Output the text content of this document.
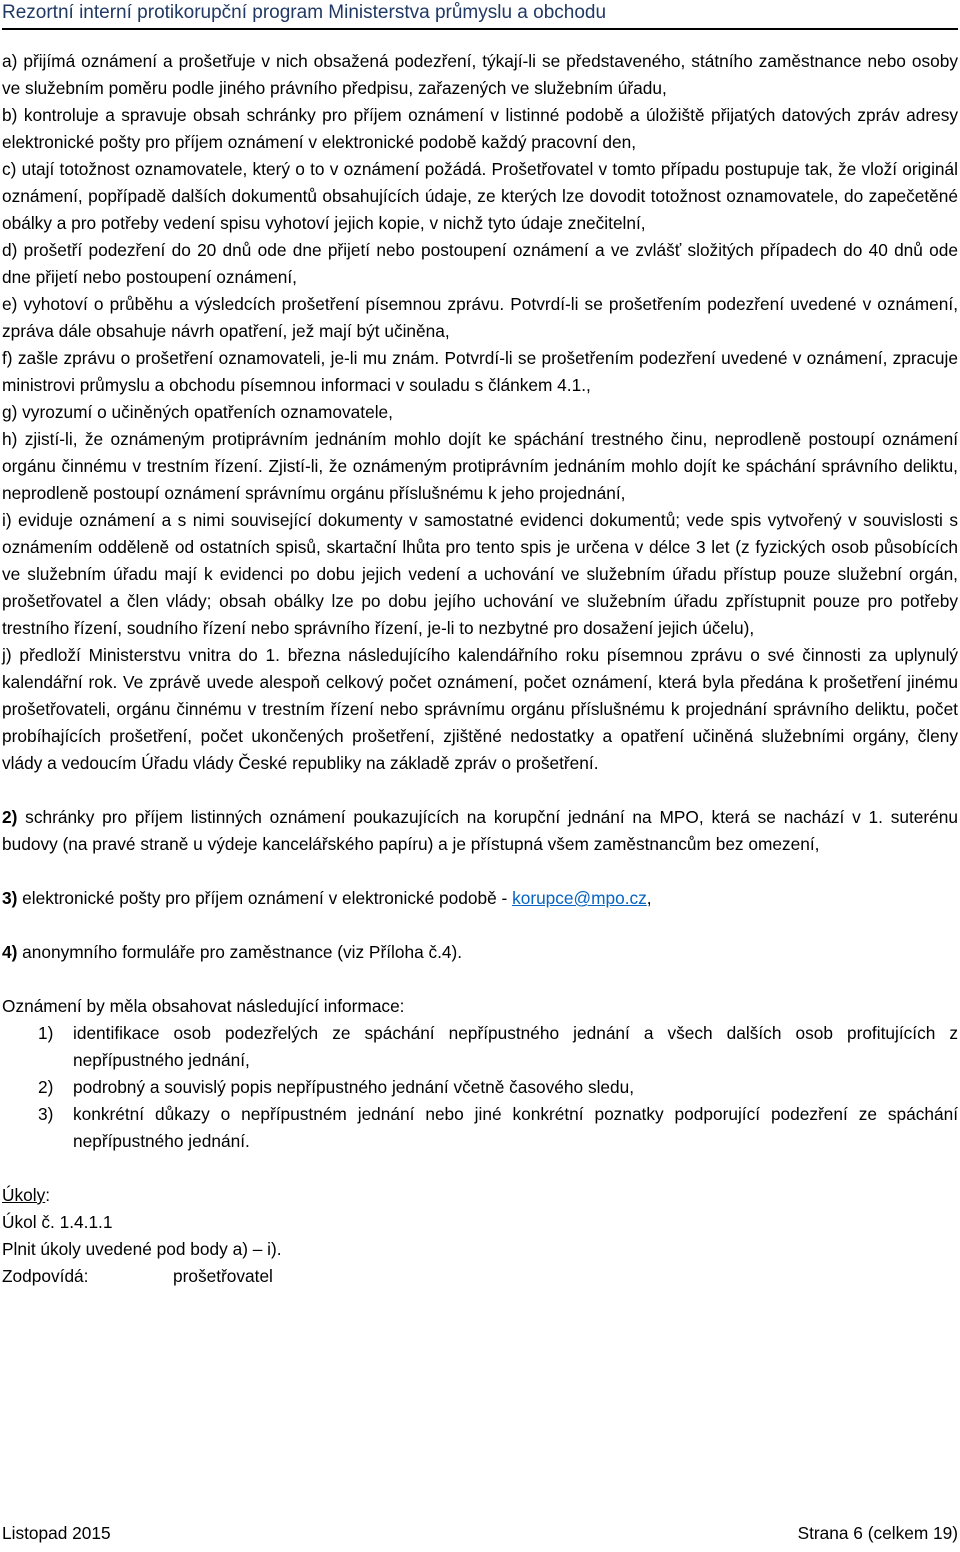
Rezortní interní protikorupční program Ministerstva průmyslu a obchodu

a) přijímá oznámení a prošetřuje v nich obsažená podezření, týkají-li se představeného, státního zaměstnance nebo osoby ve služebním poměru podle jiného právního předpisu, zařazených ve služebním úřadu,

b) kontroluje a spravuje obsah schránky pro příjem oznámení v listinné podobě a úložiště přijatých datových zpráv adresy elektronické pošty pro příjem oznámení v elektronické podobě každý pracovní den,

c) utají totožnost oznamovatele, který o to v oznámení požádá. Prošetřovatel v tomto případu postupuje tak, že vloží originál oznámení, popřípadě dalších dokumentů obsahujících údaje, ze kterých lze dovodit totožnost oznamovatele, do zapečetěné obálky a pro potřeby vedení spisu vyhotoví jejich kopie, v nichž tyto údaje znečitelní,

d) prošetří podezření do 20 dnů ode dne přijetí nebo postoupení oznámení a ve zvlášť složitých případech do 40 dnů ode dne přijetí nebo postoupení oznámení,

e) vyhotoví o průběhu a výsledcích prošetření písemnou zprávu. Potvrdí-li se prošetřením podezření uvedené v oznámení, zpráva dále obsahuje návrh opatření, jež mají být učiněna,

f) zašle zprávu o prošetření oznamovateli, je-li mu znám. Potvrdí-li se prošetřením podezření uvedené v oznámení, zpracuje ministrovi průmyslu a obchodu písemnou informaci v souladu s článkem 4.1.,

g) vyrozumí o učiněných opatřeních oznamovatele,

h) zjistí-li, že oznámeným protiprávním jednáním mohlo dojít ke spáchání trestného činu, neprodleně postoupí oznámení orgánu činnému v trestním řízení. Zjistí-li, že oznámeným protiprávním jednáním mohlo dojít ke spáchání správního deliktu, neprodleně postoupí oznámení správnímu orgánu příslušnému k jeho projednání,

i) eviduje oznámení a s nimi související dokumenty v samostatné evidenci dokumentů; vede spis vytvořený v souvislosti s oznámením odděleně od ostatních spisů, skartační lhůta pro tento spis je určena v délce 3 let (z fyzických osob působících ve služebním úřadu mají k evidenci po dobu jejich vedení a uchování ve služebním úřadu přístup pouze služební orgán, prošetřovatel a člen vlády; obsah obálky lze po dobu jejího uchování ve služebním úřadu zpřístupnit pouze pro potřeby trestního řízení, soudního řízení nebo správního řízení, je-li to nezbytné pro dosažení jejich účelu),

j) předloží Ministerstvu vnitra do 1. března následujícího kalendářního roku písemnou zprávu o své činnosti za uplynulý kalendářní rok. Ve zprávě uvede alespoň celkový počet oznámení, počet oznámení, která byla předána k prošetření jinému prošetřovateli, orgánu činnému v trestním řízení nebo správnímu orgánu příslušnému k projednání správního deliktu, počet probíhajících prošetření, počet ukončených prošetření, zjištěné nedostatky a opatření učiněná služebními orgány, členy vlády a vedoucím Úřadu vlády České republiky na základě zpráv o prošetření.

2) schránky pro příjem listinných oznámení poukazujících na korupční jednání na MPO, která se nachází v 1. suterénu budovy (na pravé straně u výdeje kancelářského papíru) a je přístupná všem zaměstnancům bez omezení,

3) elektronické pošty pro příjem oznámení v elektronické podobě - korupce@mpo.cz,

4) anonymního formuláře pro zaměstnance (viz Příloha č.4).

Oznámení by měla obsahovat následující informace:

1) identifikace osob podezřelých ze spáchání nepřípustného jednání a všech dalších osob profitujících z nepřípustného jednání,
2) podrobný a souvislý popis nepřípustného jednání včetně časového sledu,
3) konkrétní důkazy o nepřípustném jednání nebo jiné konkrétní poznatky podporující podezření ze spáchání nepřípustného jednání.

Úkoly:

Úkol č. 1.4.1.1

Plnit úkoly uvedené pod body a) – i).

Zodpovídá:	prošetřovatel

Listopad 2015	Strana 6 (celkem 19)
